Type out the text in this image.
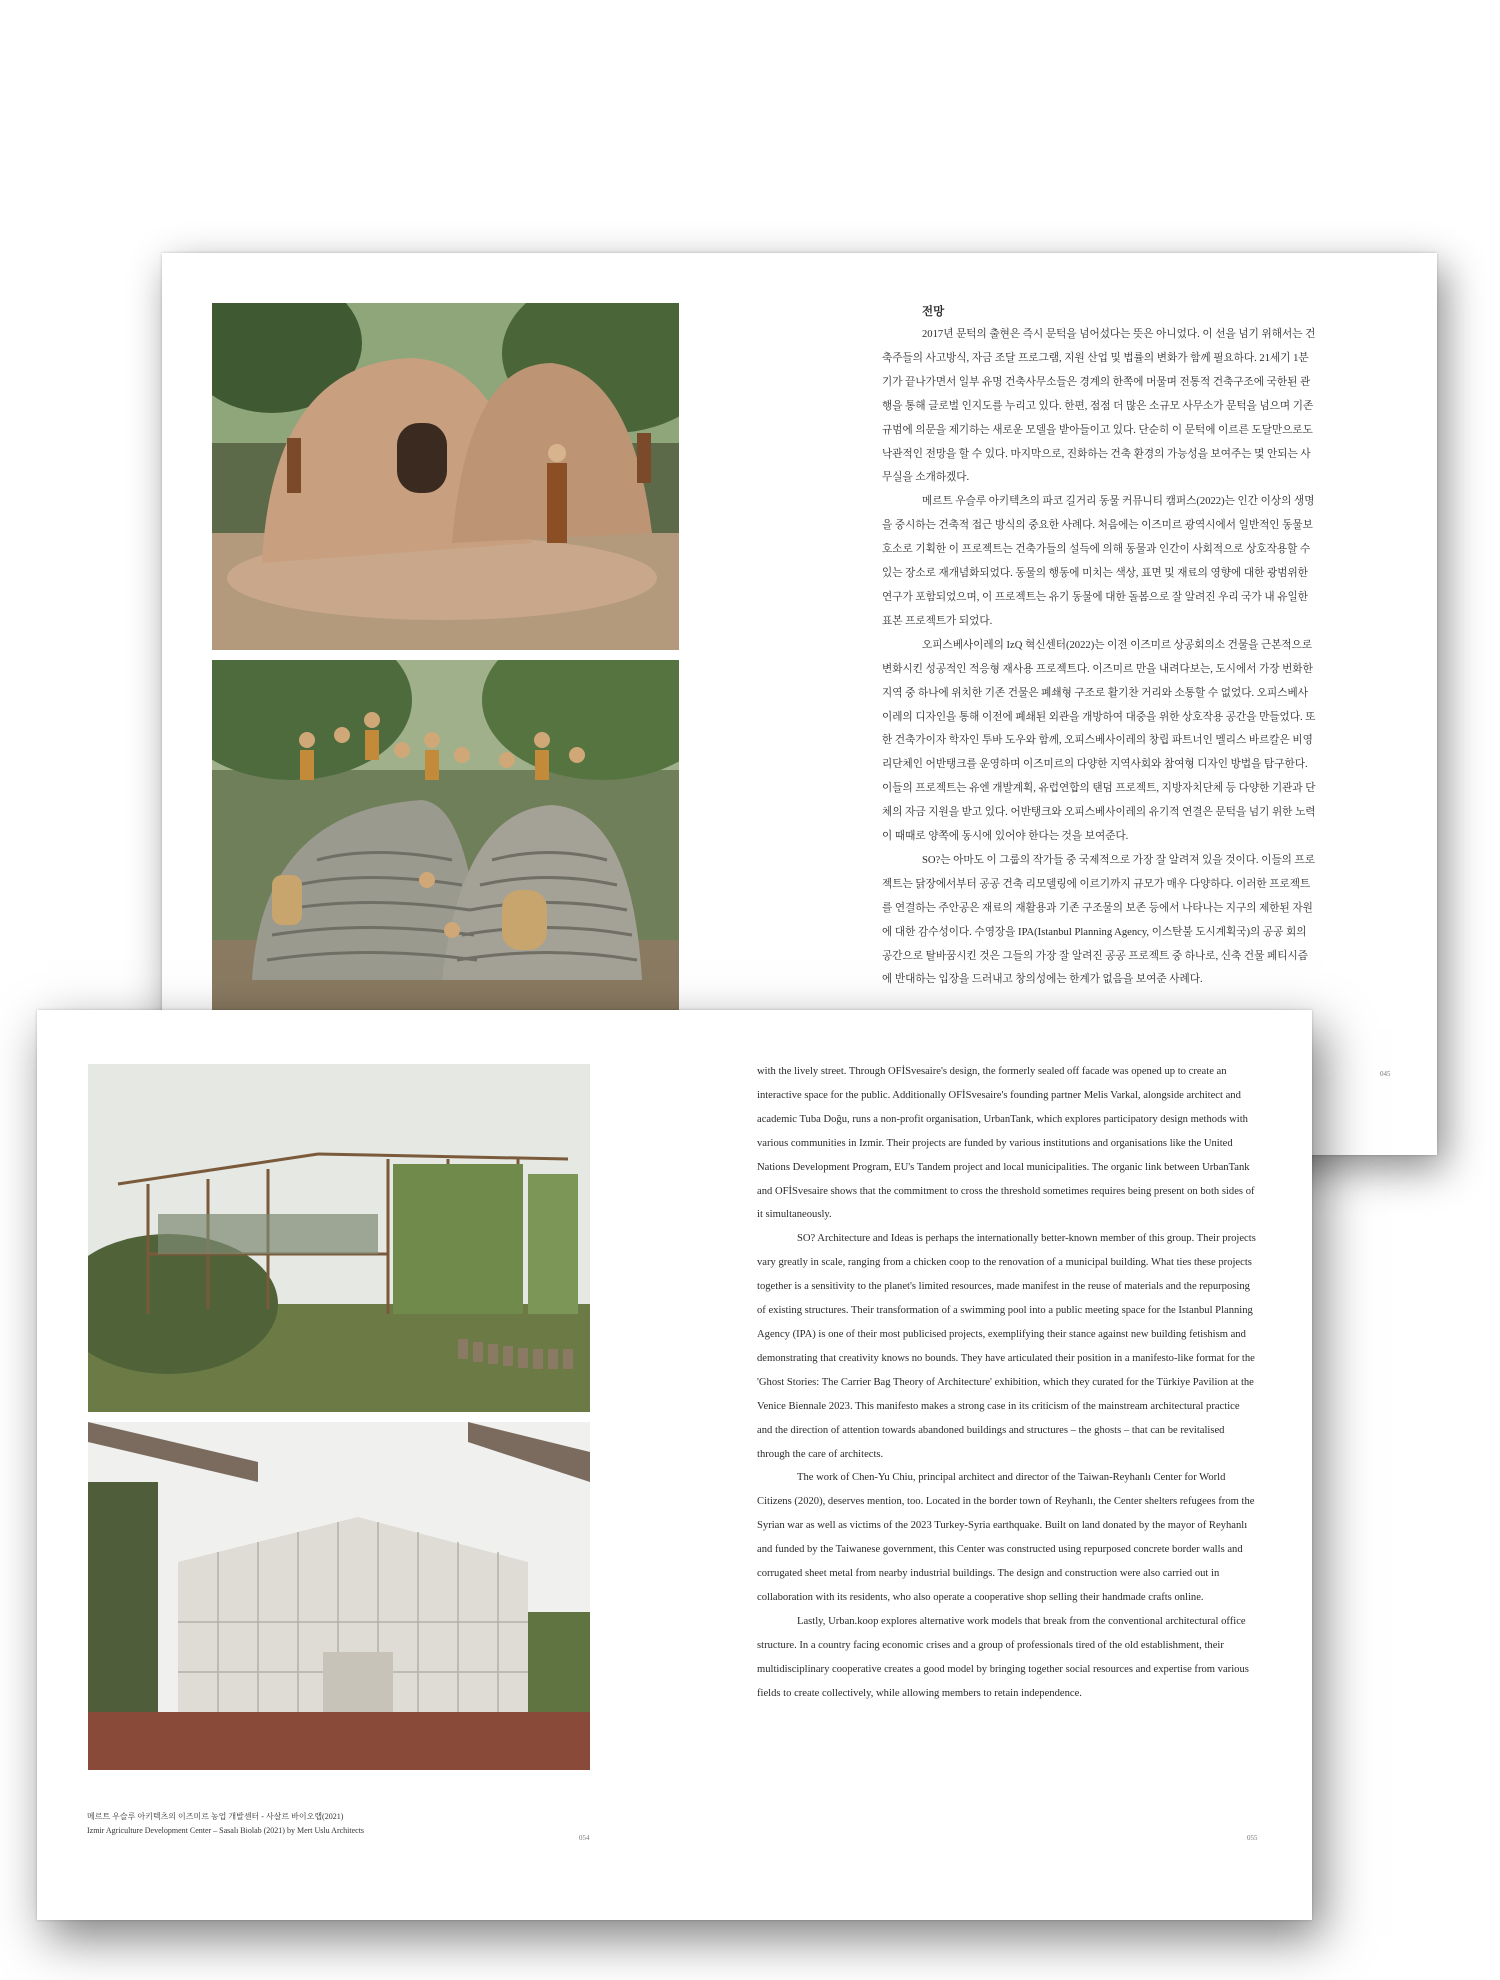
전망

2017년 문턱의 출현은 즉시 문턱을 넘어섰다는 뜻은 아니었다. 이 선을 넘기 위해서는 건축주들의 사고방식, 자금 조달 프로그램, 지원 산업 및 법률의 변화가 함께 필요하다. 21세기 1분기가 끝나가면서 일부 유명 건축사무소들은 경계의 한쪽에 머물며 전통적 건축구조에 국한된 관행을 통해 글로벌 인지도를 누리고 있다. 한편, 점점 더 많은 소규모 사무소가 문턱을 넘으며 기존 규범에 의문을 제기하는 새로운 모델을 받아들이고 있다. 단순히 이 문턱에 이르른 도달만으로도 낙관적인 전망을 할 수 있다. 마지막으로, 진화하는 건축 환경의 가능성을 보여주는 몇 안되는 사무실을 소개하겠다.

메르트 우슬루 아키텍츠의 파코 길거리 동물 커뮤니티 캠퍼스(2022)는 인간 이상의 생명을 중시하는 건축적 접근 방식의 중요한 사례다. 처음에는 이즈미르 광역시에서 일반적인 동물보호소로 기획한 이 프로젝트는 건축가들의 설득에 의해 동물과 인간이 사회적으로 상호작용할 수 있는 장소로 재개념화되었다. 동물의 행동에 미치는 색상, 표면 및 재료의 영향에 대한 광범위한 연구가 포함되었으며, 이 프로젝트는 유기 동물에 대한 돌봄으로 잘 알려진 우리 국가 내 유일한 표본 프로젝트가 되었다.

오피스베사이레의 IzQ 혁신센터(2022)는 이전 이즈미르 상공회의소 건물을 근본적으로 변화시킨 성공적인 적응형 재사용 프로젝트다. 이즈미르 만을 내려다보는, 도시에서 가장 번화한 지역 중 하나에 위치한 기존 건물은 폐쇄형 구조로 활기찬 거리와 소통할 수 없었다. 오피스베사이레의 디자인을 통해 이전에 폐쇄된 외관을 개방하여 대중을 위한 상호작용 공간을 만들었다. 또한 건축가이자 학자인 투바 도우와 함께, 오피스베사이레의 창립 파트너인 멜리스 바르칼은 비영리단체인 어반탱크를 운영하며 이즈미르의 다양한 지역사회와 참여형 디자인 방법을 탐구한다. 이들의 프로젝트는 유엔 개발계획, 유럽연합의 탠덤 프로젝트, 지방자치단체 등 다양한 기관과 단체의 자금 지원을 받고 있다. 어반탱크와 오피스베사이레의 유기적 연결은 문턱을 넘기 위한 노력이 때때로 양쪽에 동시에 있어야 한다는 것을 보여준다.

SO?는 아마도 이 그룹의 작가들 중 국제적으로 가장 잘 알려져 있을 것이다. 이들의 프로젝트는 닭장에서부터 공공 건축 리모델링에 이르기까지 규모가 매우 다양하다. 이러한 프로젝트를 연결하는 주안공은 재료의 재활용과 기존 구조물의 보존 등에서 나타나는 지구의 제한된 자원에 대한 감수성이다. 수영장을 IPA(Istanbul Planning Agency, 이스탄불 도시계획국)의 공공 회의 공간으로 탈바꿈시킨 것은 그들의 가장 잘 알려진 공공 프로젝트 중 하나로, 신축 건물 페티시즘에 반대하는 입장을 드러내고 창의성에는 한계가 없음을 보여준 사례다.

045

with the lively street. Through OFİSvesaire's design, the formerly sealed off facade was opened up to create an interactive space for the public. Additionally OFİSvesaire's founding partner Melis Varkal, alongside architect and academic Tuba Doğu, runs a non-profit organisation, UrbanTank, which explores participatory design methods with various communities in Izmir. Their projects are funded by various institutions and organisations like the United Nations Development Program, EU's Tandem project and local municipalities. The organic link between UrbanTank and OFİSvesaire shows that the commitment to cross the threshold sometimes requires being present on both sides of it simultaneously.

SO? Architecture and Ideas is perhaps the internationally better-known member of this group. Their projects vary greatly in scale, ranging from a chicken coop to the renovation of a municipal building. What ties these projects together is a sensitivity to the planet's limited resources, made manifest in the reuse of materials and the repurposing of existing structures. Their transformation of a swimming pool into a public meeting space for the Istanbul Planning Agency (IPA) is one of their most publicised projects, exemplifying their stance against new building fetishism and demonstrating that creativity knows no bounds. They have articulated their position in a manifesto-like format for the 'Ghost Stories: The Carrier Bag Theory of Architecture' exhibition, which they curated for the Türkiye Pavilion at the Venice Biennale 2023. This manifesto makes a strong case in its criticism of the mainstream architectural practice and the direction of attention towards abandoned buildings and structures – the ghosts – that can be revitalised through the care of architects.

The work of Chen-Yu Chiu, principal architect and director of the Taiwan-Reyhanlı Center for World Citizens (2020), deserves mention, too. Located in the border town of Reyhanlı, the Center shelters refugees from the Syrian war as well as victims of the 2023 Turkey-Syria earthquake. Built on land donated by the mayor of Reyhanlı and funded by the Taiwanese government, this Center was constructed using repurposed concrete border walls and corrugated sheet metal from nearby industrial buildings. The design and construction were also carried out in collaboration with its residents, who also operate a cooperative shop selling their handmade crafts online.

Lastly, Urban.koop explores alternative work models that break from the conventional architectural office structure. In a country facing economic crises and a group of professionals tired of the old establishment, their multidisciplinary cooperative creates a good model by bringing together social resources and expertise from various fields to create collectively, while allowing members to retain independence.

메르트 우슬루 아키텍츠의 이즈미르 농업 개발센터 - 사살르 바이오랩(2021)
Izmir Agriculture Development Center – Sasalı Biolab (2021) by Mert Uslu Architects
054	055
